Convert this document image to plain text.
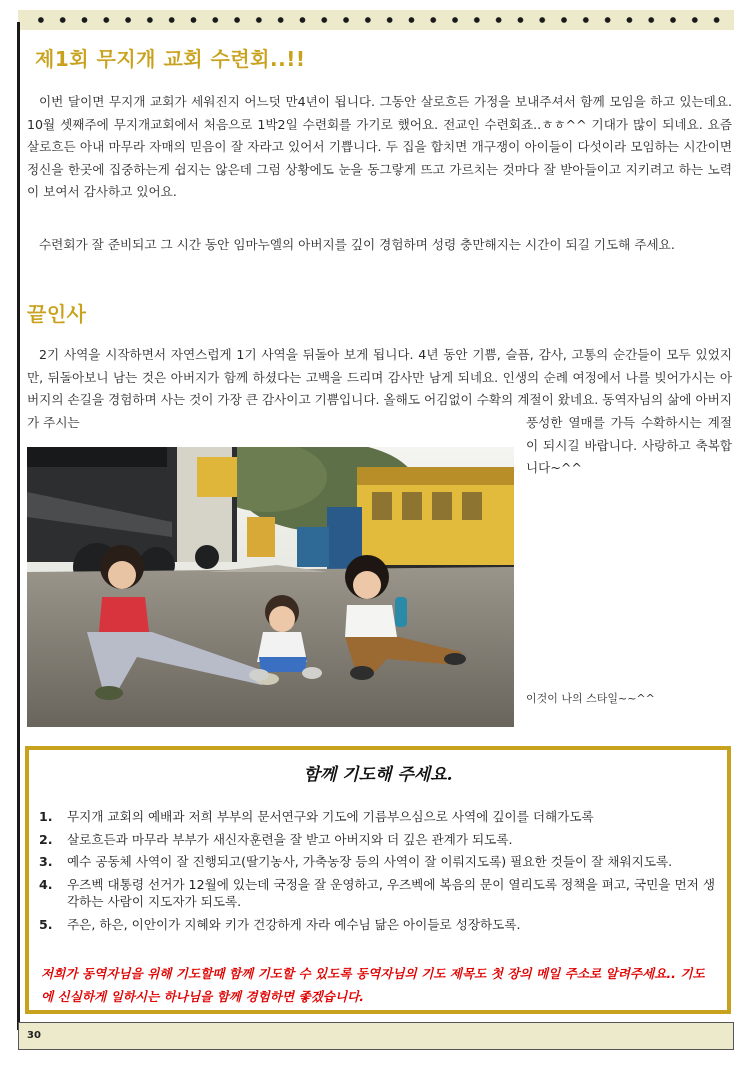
제1회 무지개 교회 수련회..!!

이번 달이면 무지개 교회가 세워진지 어느덧 만4년이 됩니다. 그동안 살로흐든 가정을 보내주셔서 함께 모임을 하고 있는데요. 10월 셋째주에 무지개교회에서 처음으로 1박2일 수련회를 가기로 했어요. 전교인 수련회죠..ㅎㅎ^^ 기대가 많이 되네요. 요즘 살로흐든 아내 마무라 자매의 믿음이 잘 자라고 있어서 기쁩니다. 두 집을 합치면 개구쟁이 아이들이 다섯이라 모임하는 시간이면 정신을 한곳에 집중하는게 쉽지는 않은데 그럼 상황에도 눈을 동그랗게 뜨고 가르치는 것마다 잘 받아들이고 지키려고 하는 노력이 보여서 감사하고 있어요.

수련회가 잘 준비되고 그 시간 동안 임마누엘의 아버지를 깊이 경험하며 성령 충만해지는 시간이 되길 기도해 주세요.

끝인사

2기 사역을 시작하면서 자연스럽게 1기 사역을 뒤돌아 보게 됩니다. 4년 동안 기쁨, 슬픔, 감사, 고통의 순간들이 모두 있었지만, 뒤돌아보니 남는 것은 아버지가 함께 하셨다는 고백을 드리며 감사만 남게 되네요. 인생의 순례 여정에서 나를 빚어가시는 아버지의 손길을 경험하며 사는 것이 가장 큰 감사이고 기쁨입니다. 올해도 어김없이 수확의 계절이 왔네요. 동역자님의 삶에 아버지가 주시는	풍성한 열매를 가득 수확하시는 계절이 되시길 바랍니다. 사랑하고 축복합니다~^^

이것이 나의 스타일~~^^

함께 기도해 주세요.
1. 무지개 교회의 예배과 저희 부부의 문서연구와 기도에 기름부으심으로 사역에 깊이를 더해가도록
2. 살로흐든과 마무라 부부가 새신자훈련을 잘 받고 아버지와 더 깊은 관계가 되도록.
3. 예수 공동체 사역이 잘 진행되고(딸기농사, 가축농장 등의 사역이 잘 이뤄지도록) 필요한 것들이 잘 채워지도록.
4. 우즈벡 대통령 선거가 12월에 있는데 국정을 잘 운영하고, 우즈벡에 복음의 문이 열리도록 정책을 펴고, 국민을 먼저 생각하는 사람이 지도자가 되도록.
5. 주은, 하은, 이안이가 지혜와 키가 건강하게 자라 예수님 닮은 아이들로 성장하도록.

저희가 동역자님을 위해 기도할때 함께 기도할 수 있도록 동역자님의 기도 제목도 첫 장의 메일 주소로 알려주세요.. 기도에 신실하게 일하시는 하나님을 함께 경험하면 좋겠습니다.

30
